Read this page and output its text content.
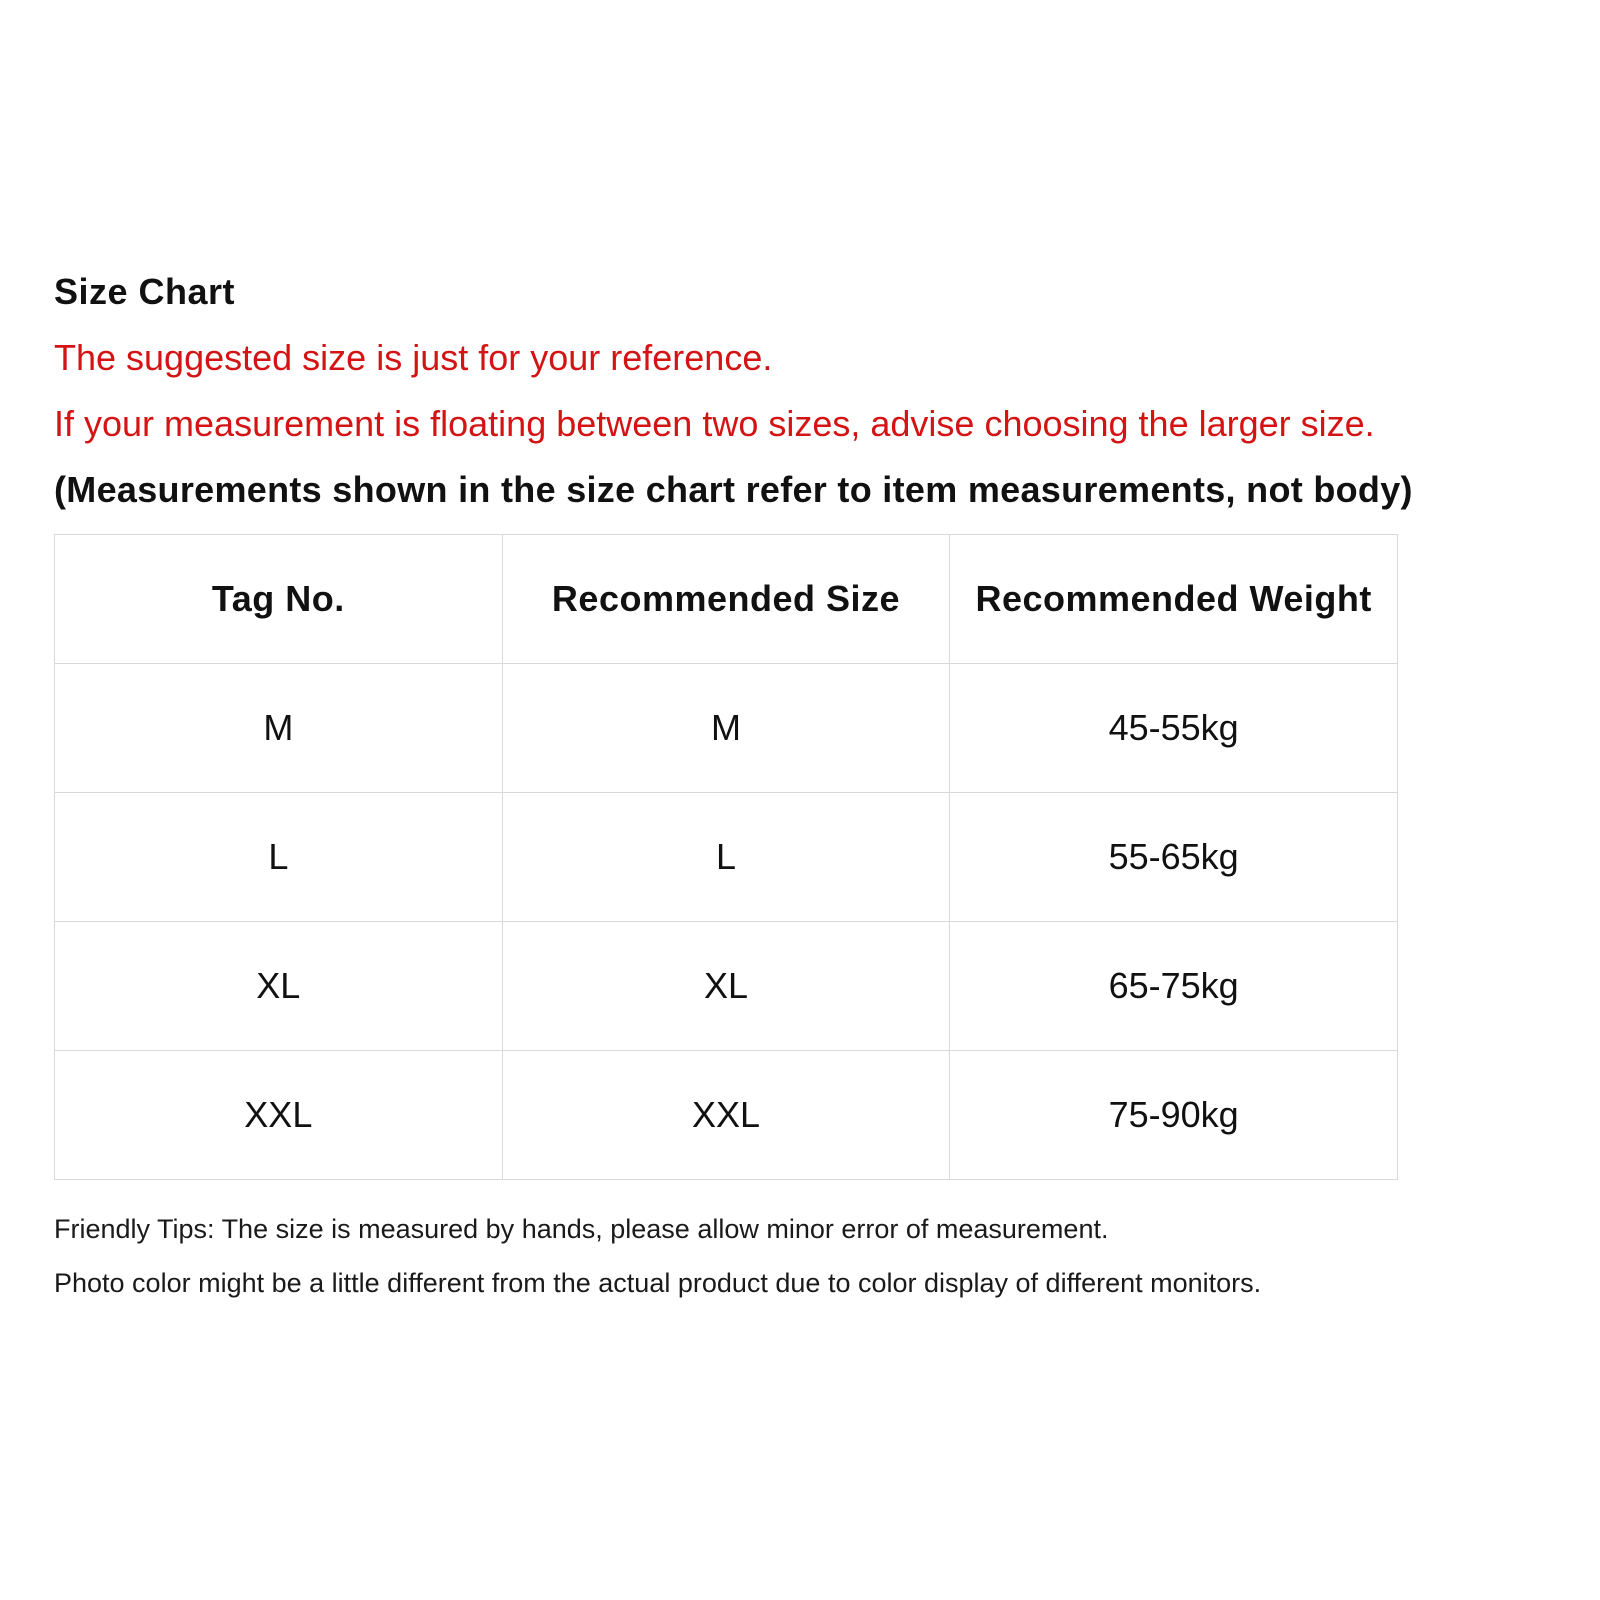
Size Chart

The suggested size is just for your reference.

If your measurement is floating between two sizes, advise choosing the larger size.

(Measurements shown in the size chart refer to item measurements, not body)

Tag No.	Recommended Size	Recommended Weight
M	M	45-55kg
L	L	55-65kg
XL	XL	65-75kg
XXL	XXL	75-90kg

Friendly Tips: The size is measured by hands, please allow minor error of measurement.

Photo color might be a little different from the actual product due to color display of different monitors.
